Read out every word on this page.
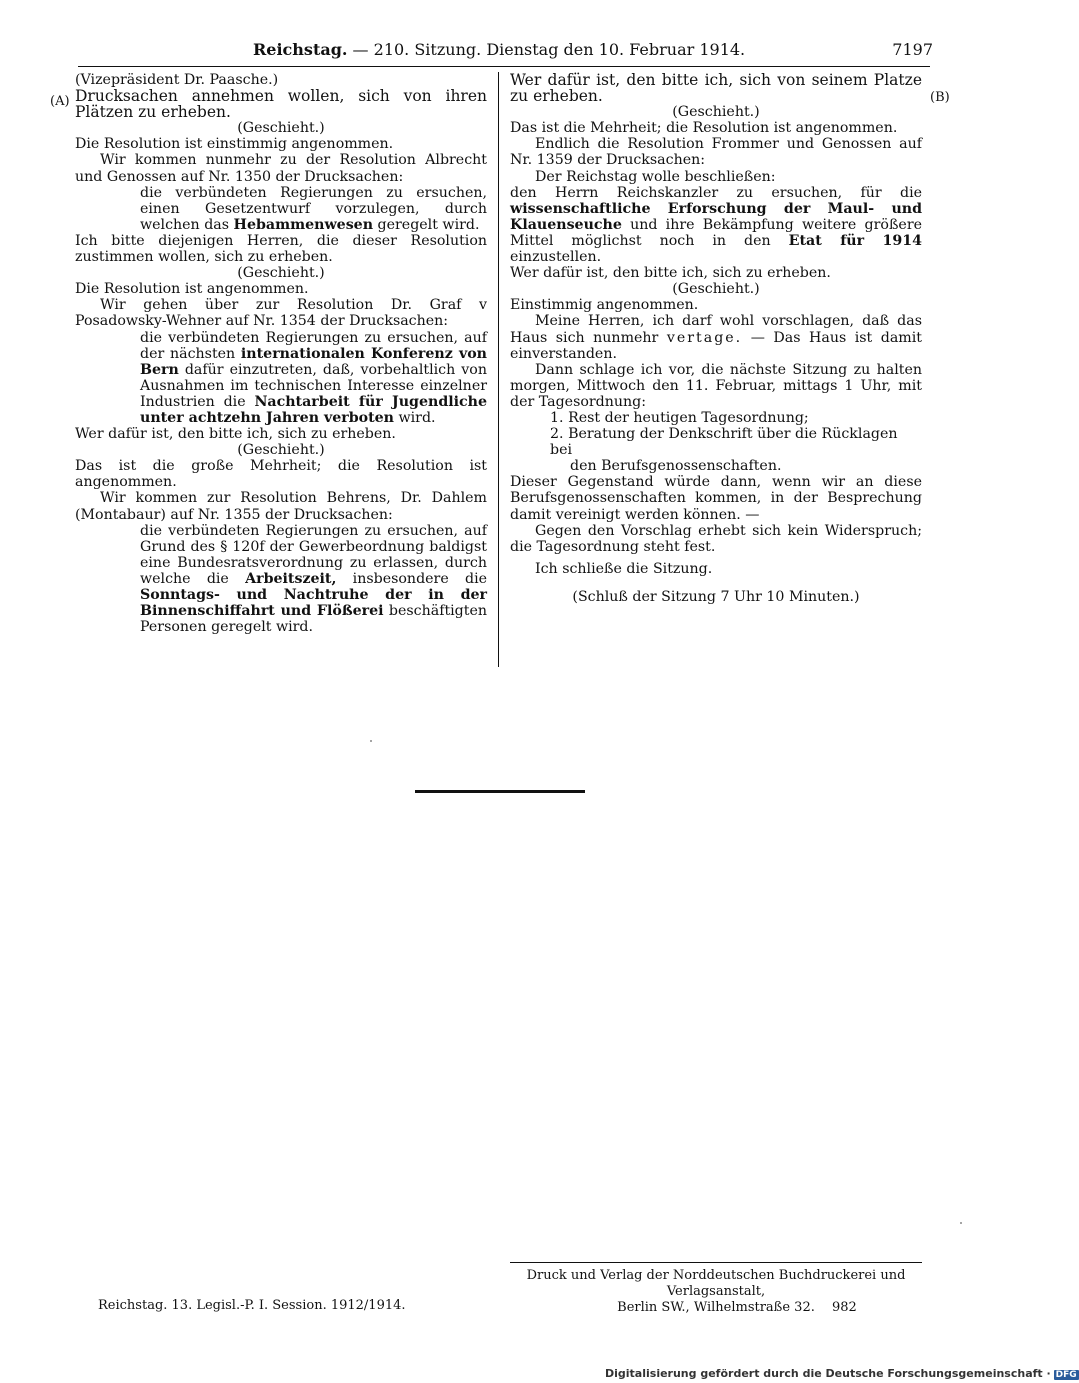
Reichstag. — 210. Sitzung. Dienstag den 10. Februar 1914.	7197
(A)	(B)

(Vizepräsident Dr. Paasche.)

Drucksachen annehmen wollen, sich von ihren Plätzen zu erheben.

(Geschieht.)

Die Resolution ist einstimmig angenommen.

Wir kommen nunmehr zu der Resolution Albrecht und Genossen auf Nr. 1350 der Drucksachen:

die verbündeten Regierungen zu ersuchen, einen Gesetzentwurf vorzulegen, durch welchen das Hebammenwesen geregelt wird.

Ich bitte diejenigen Herren, die dieser Resolution zustimmen wollen, sich zu erheben.

(Geschieht.)

Die Resolution ist angenommen.

Wir gehen über zur Resolution Dr. Graf v Posadowsky-Wehner auf Nr. 1354 der Drucksachen:

die verbündeten Regierungen zu ersuchen, auf der nächsten internationalen Konferenz von Bern dafür einzutreten, daß, vorbehaltlich von Ausnahmen im technischen Interesse einzelner Industrien die Nachtarbeit für Jugendliche unter achtzehn Jahren verboten wird.

Wer dafür ist, den bitte ich, sich zu erheben.

(Geschieht.)

Das ist die große Mehrheit; die Resolution ist angenommen.

Wir kommen zur Resolution Behrens, Dr. Dahlem (Montabaur) auf Nr. 1355 der Drucksachen:

die verbündeten Regierungen zu ersuchen, auf Grund des § 120f der Gewerbeordnung baldigst eine Bundesratsverordnung zu erlassen, durch welche die Arbeitszeit, insbesondere die Sonntags- und Nachtruhe der in der Binnenschiffahrt und Flößerei beschäftigten Personen geregelt wird.

Wer dafür ist, den bitte ich, sich von seinem Platze zu erheben.

(Geschieht.)

Das ist die Mehrheit; die Resolution ist angenommen.

Endlich die Resolution Frommer und Genossen auf Nr. 1359 der Drucksachen:

Der Reichstag wolle beschließen:

den Herrn Reichskanzler zu ersuchen, für die wissenschaftliche Erforschung der Maul- und Klauenseuche und ihre Bekämpfung weitere größere Mittel möglichst noch in den Etat für 1914 einzustellen.

Wer dafür ist, den bitte ich, sich zu erheben.

(Geschieht.)

Einstimmig angenommen.

Meine Herren, ich darf wohl vorschlagen, daß das Haus sich nunmehr vertage. — Das Haus ist damit einverstanden.

Dann schlage ich vor, die nächste Sitzung zu halten morgen, Mittwoch den 11. Februar, mittags 1 Uhr, mit der Tagesordnung:

1. Rest der heutigen Tagesordnung;

2. Beratung der Denkschrift über die Rücklagen bei
den Berufsgenossenschaften.

Dieser Gegenstand würde dann, wenn wir an diese Berufsgenossenschaften kommen, in der Besprechung damit vereinigt werden können. —

Gegen den Vorschlag erhebt sich kein Widerspruch; die Tagesordnung steht fest.

Ich schließe die Sitzung.

(Schluß der Sitzung 7 Uhr 10 Minuten.)

Druck und Verlag der Norddeutschen Buchdruckerei und Verlagsanstalt,
Berlin SW., Wilhelmstraße 32.
Reichstag. 13. Legisl.-P. I. Session. 1912/1914.	982
Digitalisierung gefördert durch die Deutsche Forschungsgemeinschaft · DFG
